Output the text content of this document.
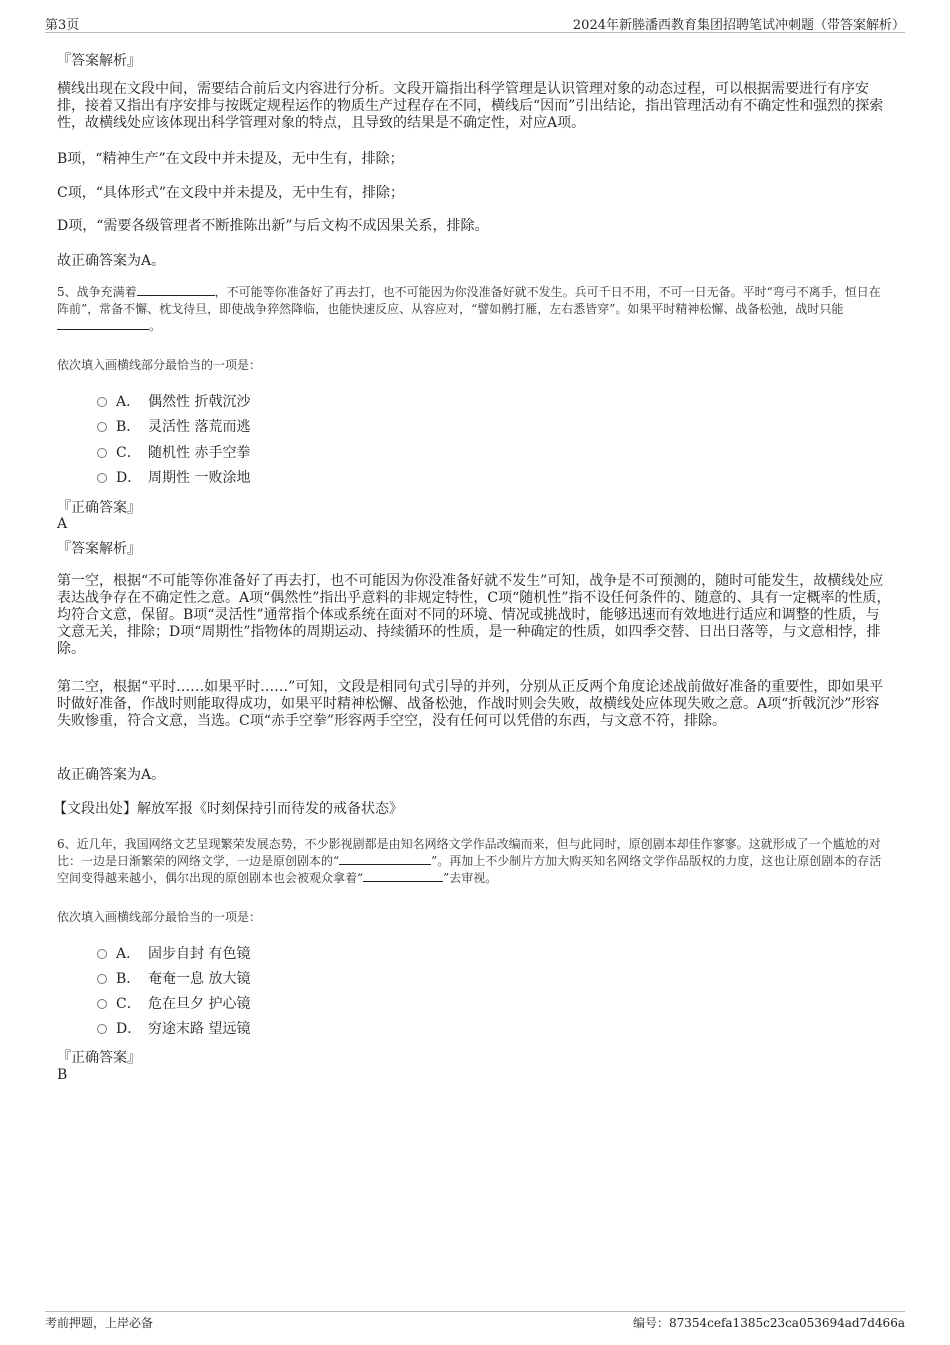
第3页	2024年新塍潘西教育集团招聘笔试冲刺题（带答案解析）
『答案解析』
横线出现在文段中间，需要结合前后文内容进行分析。文段开篇指出科学管理是认识管理对象的动态过程，可以根据需要进行有序安排，接着又指出有序安排与按既定规程运作的物质生产过程存在不同，横线后“因而”引出结论，指出管理活动有不确定性和强烈的探索性，故横线处应该体现出科学管理对象的特点，且导致的结果是不确定性，对应A项。
B项，“精神生产”在文段中并未提及，无中生有，排除；
C项，“具体形式”在文段中并未提及，无中生有，排除；
D项，“需要各级管理者不断推陈出新”与后文构不成因果关系，排除。
故正确答案为A。
5、战争充满着	，不可能等你准备好了再去打，也不可能因为你没准备好就不发生。兵可千日不用，不可一日无备。平时“弯弓不离手，恒日在阵前”，常备不懈、枕戈待旦，即使战争猝然降临，也能快速反应、从容应对，“譬如鹘打雁，左右悉皆穿”。如果平时精神松懈、战备松弛，战时只能。
依次填入画横线部分最恰当的一项是：
A． 偶然性 折戟沉沙
B． 灵活性 落荒而逃
C． 随机性 赤手空拳
D． 周期性 一败涂地
『正确答案』
A
『答案解析』
第一空，根据“不可能等你准备好了再去打，也不可能因为你没准备好就不发生”可知，战争是不可预测的，随时可能发生，故横线处应表达战争存在不确定性之意。A项“偶然性”指出乎意料的非规定特性，C项“随机性”指不设任何条件的、随意的、具有一定概率的性质，均符合文意，保留。B项“灵活性”通常指个体或系统在面对不同的环境、情况或挑战时，能够迅速而有效地进行适应和调整的性质，与文意无关，排除；D项“周期性”指物体的周期运动、持续循环的性质，是一种确定的性质，如四季交替、日出日落等，与文意相悖，排除。
第二空，根据“平时……如果平时……”可知，文段是相同句式引导的并列，分别从正反两个角度论述战前做好准备的重要性，即如果平时做好准备，作战时则能取得成功，如果平时精神松懈、战备松弛，作战时则会失败，故横线处应体现失败之意。A项“折戟沉沙”形容失败惨重，符合文意，当选。C项“赤手空拳”形容两手空空，没有任何可以凭借的东西，与文意不符，排除。
故正确答案为A。
【文段出处】解放军报《时刻保持引而待发的戒备状态》
6、近几年，我国网络文艺呈现繁荣发展态势，不少影视剧都是由知名网络文学作品改编而来，但与此同时，原创剧本却佳作寥寥。这就形成了一个尴尬的对比：一边是日渐繁荣的网络文学，一边是原创剧本的“	”。再加上不少制片方加大购买知名网络文学作品版权的力度，这也让原创剧本的存活空间变得越来越小，偶尔出现的原创剧本也会被观众拿着“	”去审视。
依次填入画横线部分最恰当的一项是：
A． 固步自封 有色镜
B． 奄奄一息 放大镜
C． 危在旦夕 护心镜
D． 穷途末路 望远镜
『正确答案』
B
考前押题，上岸必备	编号：87354cefa1385c23ca053694ad7d466a
